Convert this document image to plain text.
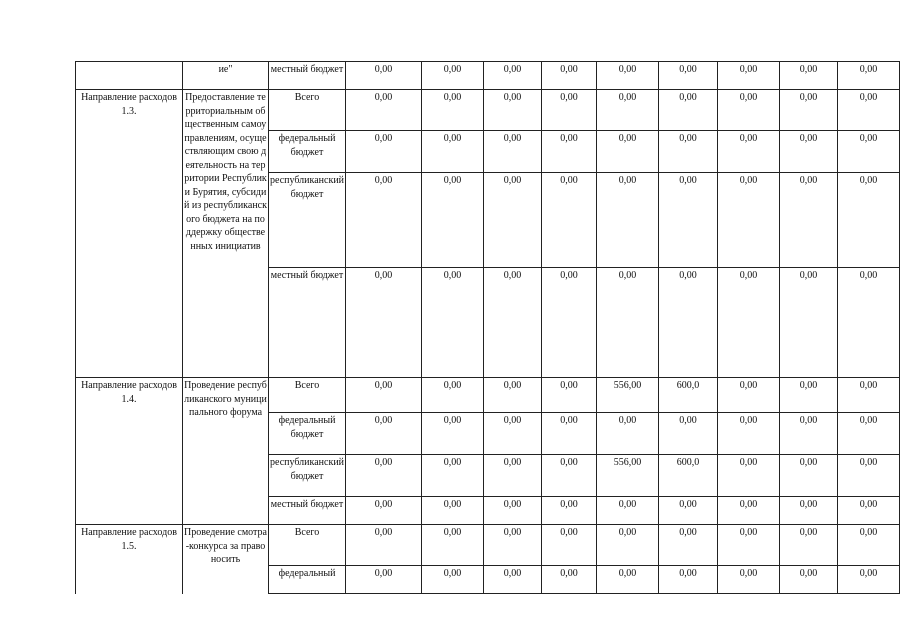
	ие"	местный бюджет	0,00	0,00	0,00	0,00	0,00	0,00	0,00	0,00	0,00
Направление расходов 1.3.	Предоставление территориальным общественным самоуправлениям, осуществляющим свою деятельность на территории Республики Бурятия, субсидий из республиканского бюджета на поддержку общественных инициатив	Всего	0,00	0,00	0,00	0,00	0,00	0,00	0,00	0,00	0,00
		федеральный бюджет	0,00	0,00	0,00	0,00	0,00	0,00	0,00	0,00	0,00
		республиканский бюджет	0,00	0,00	0,00	0,00	0,00	0,00	0,00	0,00	0,00
		местный бюджет	0,00	0,00	0,00	0,00	0,00	0,00	0,00	0,00	0,00
Направление расходов 1.4.	Проведение республиканского муниципального форума	Всего	0,00	0,00	0,00	0,00	556,00	600,0	0,00	0,00	0,00
		федеральный бюджет	0,00	0,00	0,00	0,00	0,00	0,00	0,00	0,00	0,00
		республиканский бюджет	0,00	0,00	0,00	0,00	556,00	600,0	0,00	0,00	0,00
		местный бюджет	0,00	0,00	0,00	0,00	0,00	0,00	0,00	0,00	0,00
Направление расходов 1.5.	Проведение смотра-конкурса за право носить	Всего	0,00	0,00	0,00	0,00	0,00	0,00	0,00	0,00	0,00
		федеральный	0,00	0,00	0,00	0,00	0,00	0,00	0,00	0,00	0,00
